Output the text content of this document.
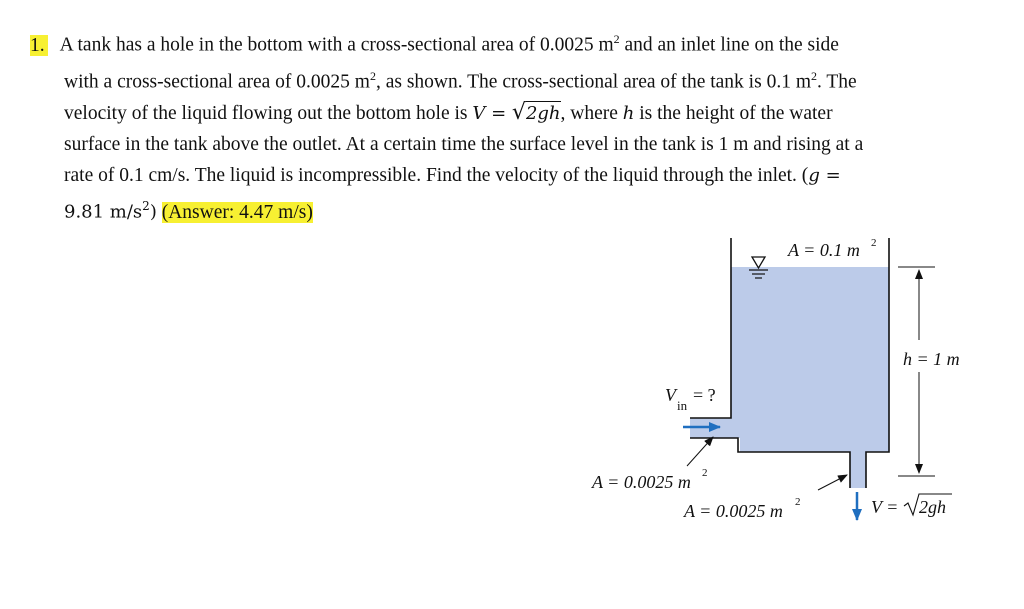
1. A tank has a hole in the bottom with a cross-sectional area of 0.0025 $m^2$ and an inlet line on the side
with a cross-sectional area of 0.0025 $m^2$, as shown. The cross-sectional area of the tank is 0.1 $m^2$. The
velocity of the liquid flowing out the bottom hole is V = √2gh, where h is the height of the water
surface in the tank above the outlet. At a certain time the surface level in the tank is 1 m and rising at a
rate of 0.1 cm/s. The liquid is incompressible. Find the velocity of the liquid through the inlet. (g =
9.81 $m/s^2$) (Answer: 4.47 m/s)
A = 0.1 m 2
h = 1 m
V
in
= ?
A = 0.0025 m 2
A = 0.0025 m 2	V = 2gh
